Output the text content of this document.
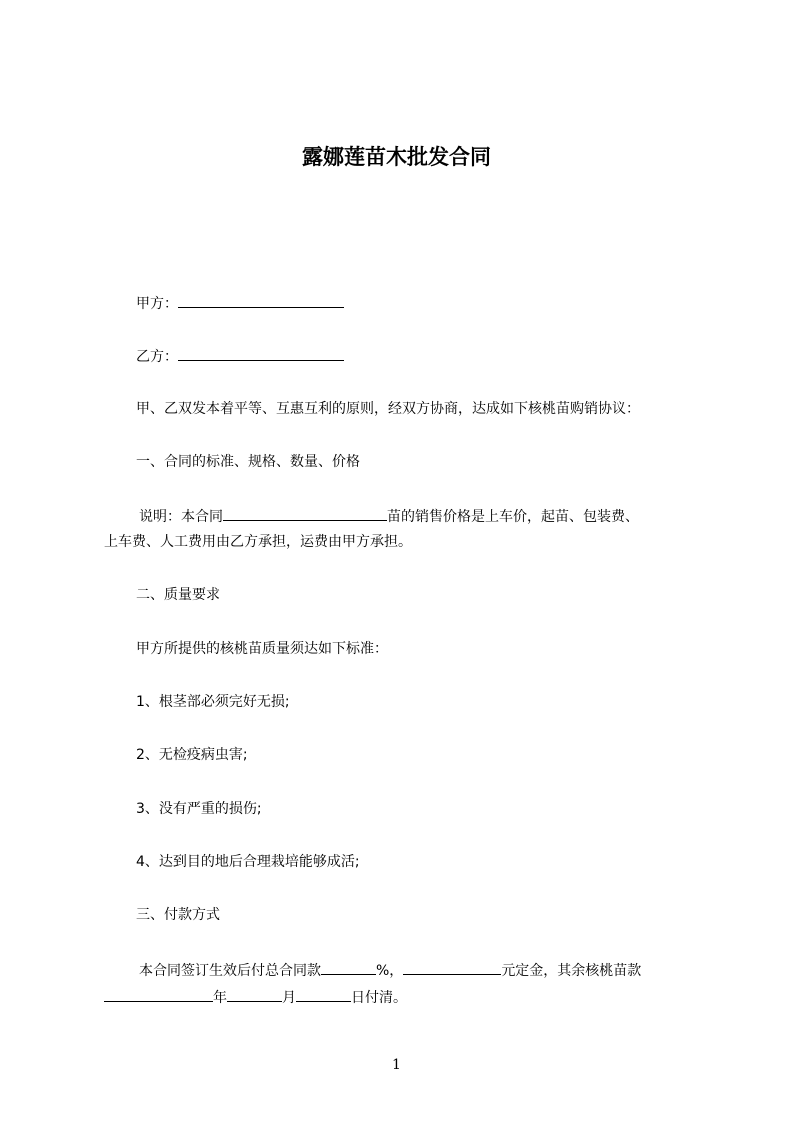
露娜莲苗木批发合同
甲方：
乙方：
甲、乙双发本着平等、互惠互利的原则，经双方协商，达成如下核桃苗购销协议：
一、合同的标准、规格、数量、价格
说明：本合同	苗的销售价格是上车价，起苗、包装费、
上车费、人工费用由乙方承担，运费由甲方承担。
二、质量要求
甲方所提供的核桃苗质量须达如下标准：
1、根茎部必须完好无损;
2、无检疫病虫害;
3、没有严重的损伤;
4、达到目的地后合理栽培能够成活;
三、付款方式
本合同签订生效后付总合同款	%，	元定金，其余核桃苗款
年	月	日付清。
1
